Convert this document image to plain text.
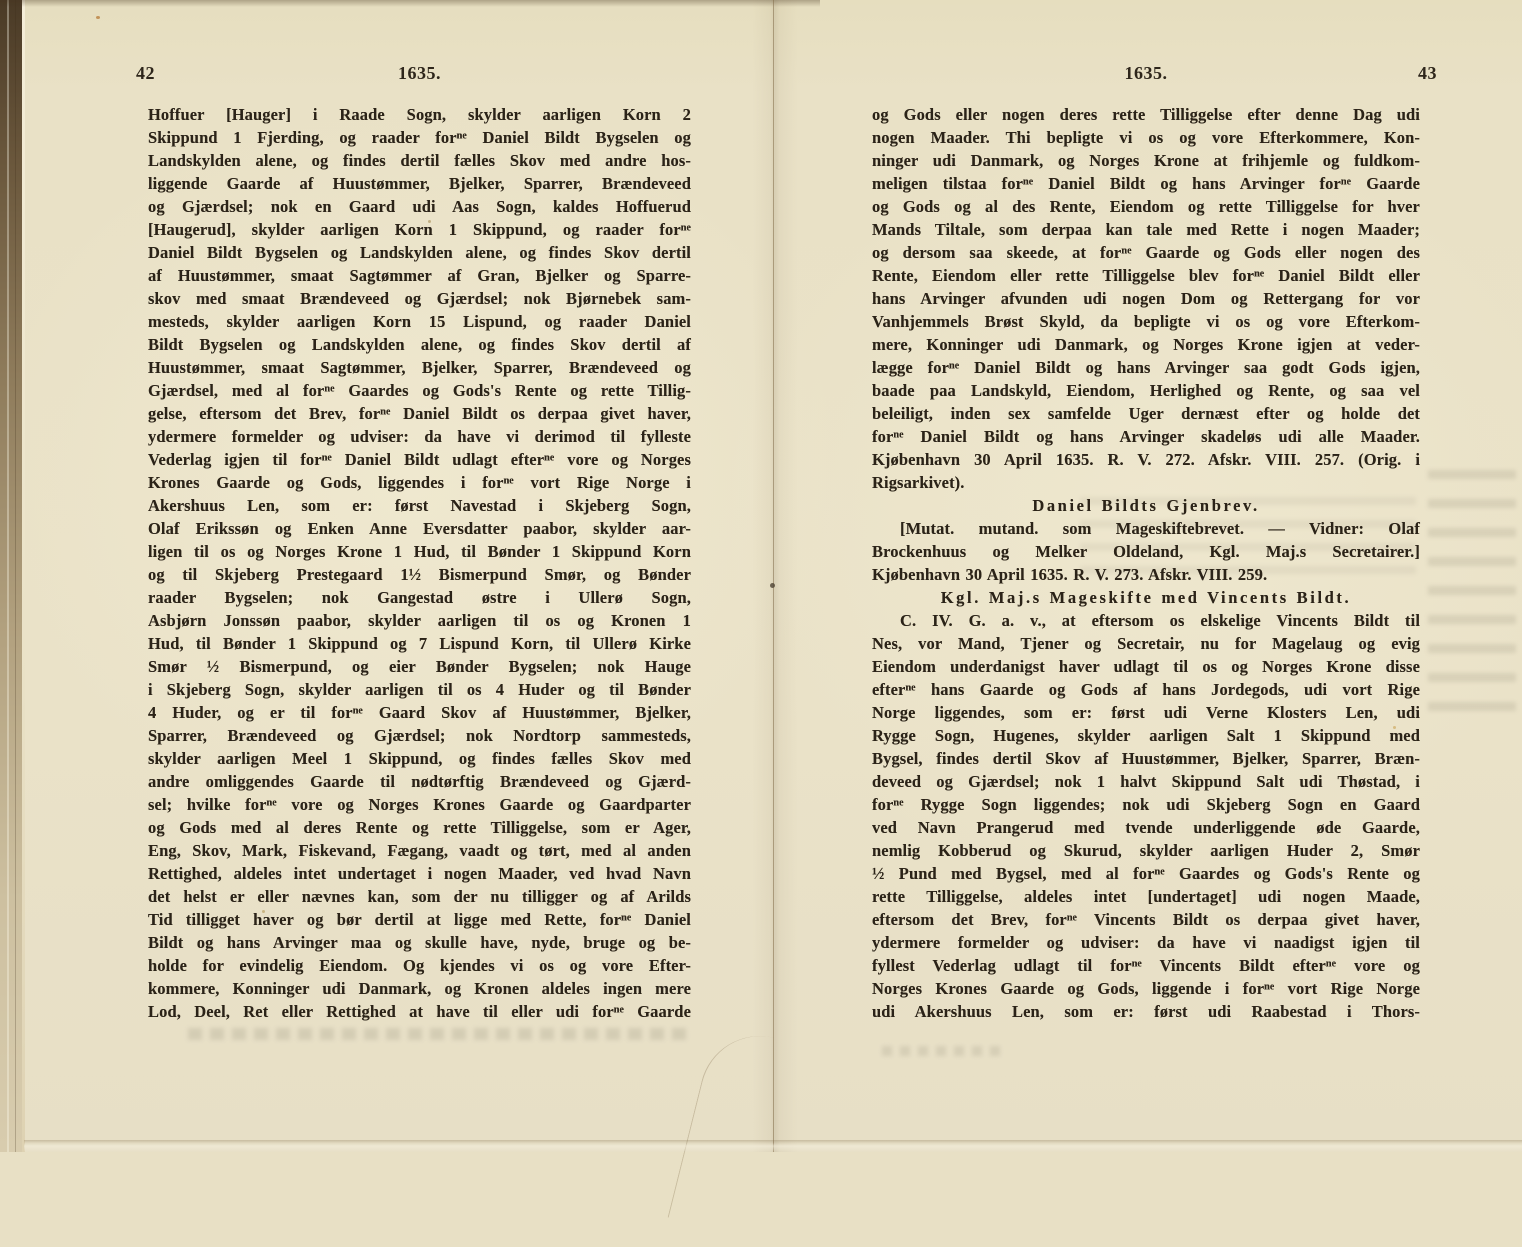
42	1635.
Hoffuer [Hauger] i Raade Sogn, skylder aarligen Korn 2
Skippund 1 Fjerding, og raader forⁿᵉ Daniel Bildt Bygselen og
Landskylden alene, og findes dertil fælles Skov med andre hos-
liggende Gaarde af Huustømmer, Bjelker, Sparrer, Brændeveed
og Gjærdsel; nok en Gaard udi Aas Sogn, kaldes Hoffuerud
[Haugerud], skylder aarligen Korn 1 Skippund, og raader forⁿᵉ
Daniel Bildt Bygselen og Landskylden alene, og findes Skov dertil
af Huustømmer, smaat Sagtømmer af Gran, Bjelker og Sparre-
skov med smaat Brændeveed og Gjærdsel; nok Bjørnebek sam-
mesteds, skylder aarligen Korn 15 Lispund, og raader Daniel
Bildt Bygselen og Landskylden alene, og findes Skov dertil af
Huustømmer, smaat Sagtømmer, Bjelker, Sparrer, Brændeveed og
Gjærdsel, med al forⁿᵉ Gaardes og Gods's Rente og rette Tillig-
gelse, eftersom det Brev, forⁿᵉ Daniel Bildt os derpaa givet haver,
ydermere formelder og udviser: da have vi derimod til fylleste
Vederlag igjen til forⁿᵉ Daniel Bildt udlagt efterⁿᵉ vore og Norges
Krones Gaarde og Gods, liggendes i forⁿᵉ vort Rige Norge i
Akershuus Len, som er: først Navestad i Skjeberg Sogn,
Olaf Erikssøn og Enken Anne Eversdatter paabor, skylder aar-
ligen til os og Norges Krone 1 Hud, til Bønder 1 Skippund Korn
og til Skjeberg Prestegaard 1½ Bismerpund Smør, og Bønder
raader Bygselen; nok Gangestad østre i Ullerø Sogn,
Asbjørn Jonssøn paabor, skylder aarligen til os og Kronen 1
Hud, til Bønder 1 Skippund og 7 Lispund Korn, til Ullerø Kirke
Smør ½ Bismerpund, og eier Bønder Bygselen; nok Hauge
i Skjeberg Sogn, skylder aarligen til os 4 Huder og til Bønder
4 Huder, og er til forⁿᵉ Gaard Skov af Huustømmer, Bjelker,
Sparrer, Brændeveed og Gjærdsel; nok Nordtorp sammesteds,
skylder aarligen Meel 1 Skippund, og findes fælles Skov med
andre omliggendes Gaarde til nødtørftig Brændeveed og Gjærd-
sel; hvilke forⁿᵉ vore og Norges Krones Gaarde og Gaardparter
og Gods med al deres Rente og rette Tilliggelse, som er Ager,
Eng, Skov, Mark, Fiskevand, Fægang, vaadt og tørt, med al anden
Rettighed, aldeles intet undertaget i nogen Maader, ved hvad Navn
det helst er eller nævnes kan, som der nu tilligger og af Arilds
Tid tilligget haver og bør dertil at ligge med Rette, forⁿᵉ Daniel
Bildt og hans Arvinger maa og skulle have, nyde, bruge og be-
holde for evindelig Eiendom. Og kjendes vi os og vore Efter-
kommere, Konninger udi Danmark, og Kronen aldeles ingen mere
Lod, Deel, Ret eller Rettighed at have til eller udi forⁿᵉ Gaarde
1635.	43
og Gods eller nogen deres rette Tilliggelse efter denne Dag udi
nogen Maader. Thi bepligte vi os og vore Efterkommere, Kon-
ninger udi Danmark, og Norges Krone at frihjemle og fuldkom-
meligen tilstaa forⁿᵉ Daniel Bildt og hans Arvinger forⁿᵉ Gaarde
og Gods og al des Rente, Eiendom og rette Tilliggelse for hver
Mands Tiltale, som derpaa kan tale med Rette i nogen Maader;
og dersom saa skeede, at forⁿᵉ Gaarde og Gods eller nogen des
Rente, Eiendom eller rette Tilliggelse blev forⁿᵉ Daniel Bildt eller
hans Arvinger afvunden udi nogen Dom og Rettergang for vor
Vanhjemmels Brøst Skyld, da bepligte vi os og vore Efterkom-
mere, Konninger udi Danmark, og Norges Krone igjen at veder-
lægge forⁿᵉ Daniel Bildt og hans Arvinger saa godt Gods igjen,
baade paa Landskyld, Eiendom, Herlighed og Rente, og saa vel
beleiligt, inden sex samfelde Uger dernæst efter og holde det
forⁿᵉ Daniel Bildt og hans Arvinger skadeløs udi alle Maader.
Kjøbenhavn 30 April 1635. R. V. 272. Afskr. VIII. 257. (Orig. i
Rigsarkivet).
Daniel Bildts Gjenbrev.
[Mutat. mutand. som Mageskiftebrevet. — Vidner: Olaf
Brockenhuus og Melker Oldeland, Kgl. Maj.s Secretairer.]
Kjøbenhavn 30 April 1635. R. V. 273. Afskr. VIII. 259.
Kgl. Maj.s Mageskifte med Vincents Bildt.
C. IV. G. a. v., at eftersom os elskelige Vincents Bildt til
Nes, vor Mand, Tjener og Secretair, nu for Magelaug og evig
Eiendom underdanigst haver udlagt til os og Norges Krone disse
efterⁿᵉ hans Gaarde og Gods af hans Jordegods, udi vort Rige
Norge liggendes, som er: først udi Verne Klosters Len, udi
Rygge Sogn, Hugenes, skylder aarligen Salt 1 Skippund med
Bygsel, findes dertil Skov af Huustømmer, Bjelker, Sparrer, Bræn-
deveed og Gjærdsel; nok 1 halvt Skippund Salt udi Thøstad, i
forⁿᵉ Rygge Sogn liggendes; nok udi Skjeberg Sogn en Gaard
ved Navn Prangerud med tvende underliggende øde Gaarde,
nemlig Kobberud og Skurud, skylder aarligen Huder 2, Smør
½ Pund med Bygsel, med al forⁿᵉ Gaardes og Gods's Rente og
rette Tilliggelse, aldeles intet [undertaget] udi nogen Maade,
eftersom det Brev, forⁿᵉ Vincents Bildt os derpaa givet haver,
ydermere formelder og udviser: da have vi naadigst igjen til
fyllest Vederlag udlagt til forⁿᵉ Vincents Bildt efterⁿᵉ vore og
Norges Krones Gaarde og Gods, liggende i forⁿᵉ vort Rige Norge
udi Akershuus Len, som er: først udi Raabestad i Thors-
